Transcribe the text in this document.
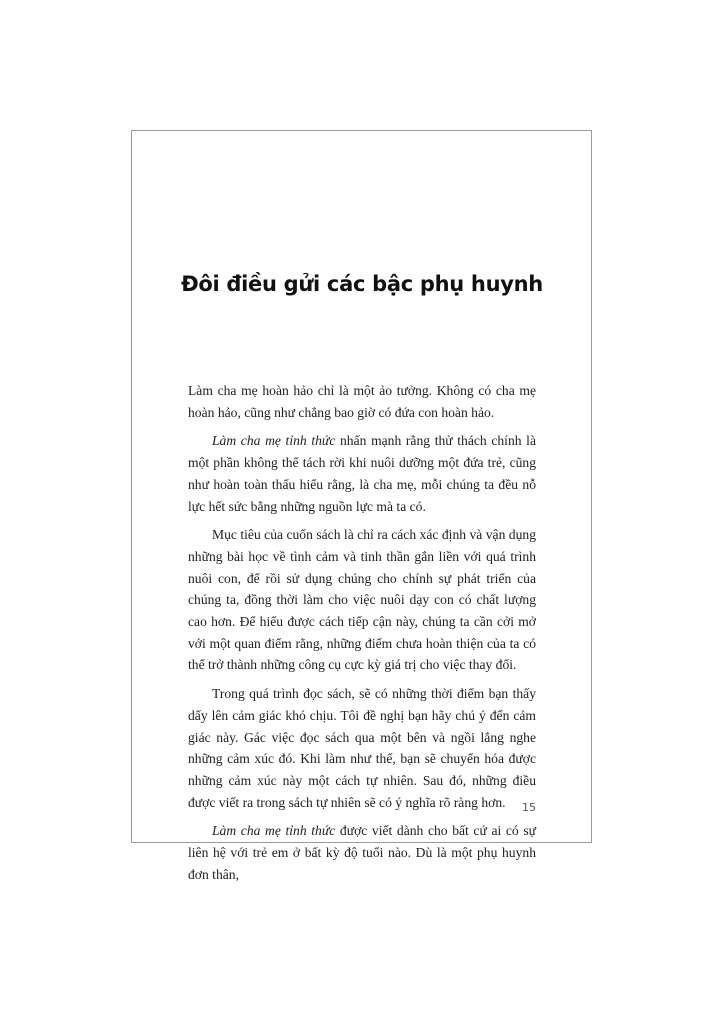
Đôi điều gửi các bậc phụ huynh

Làm cha mẹ hoàn hảo chỉ là một ảo tưởng. Không có cha mẹ hoàn hảo, cũng như chẳng bao giờ có đứa con hoàn hảo.

Làm cha mẹ tỉnh thức nhấn mạnh rằng thử thách chính là một phần không thể tách rời khi nuôi dưỡng một đứa trẻ, cũng như hoàn toàn thấu hiểu rằng, là cha mẹ, mỗi chúng ta đều nỗ lực hết sức bằng những nguồn lực mà ta có.

Mục tiêu của cuốn sách là chỉ ra cách xác định và vận dụng những bài học về tình cảm và tinh thần gắn liền với quá trình nuôi con, để rồi sử dụng chúng cho chính sự phát triển của chúng ta, đồng thời làm cho việc nuôi dạy con có chất lượng cao hơn. Để hiểu được cách tiếp cận này, chúng ta cần cởi mở với một quan điểm rằng, những điểm chưa hoàn thiện của ta có thể trở thành những công cụ cực kỳ giá trị cho việc thay đổi.

Trong quá trình đọc sách, sẽ có những thời điểm bạn thấy dấy lên cảm giác khó chịu. Tôi đề nghị bạn hãy chú ý đến cảm giác này. Gác việc đọc sách qua một bên và ngồi lắng nghe những cảm xúc đó. Khi làm như thế, bạn sẽ chuyển hóa được những cảm xúc này một cách tự nhiên. Sau đó, những điều được viết ra trong sách tự nhiên sẽ có ý nghĩa rõ ràng hơn.

Làm cha mẹ tỉnh thức được viết dành cho bất cứ ai có sự liên hệ với trẻ em ở bất kỳ độ tuổi nào. Dù là một phụ huynh đơn thân,

15
